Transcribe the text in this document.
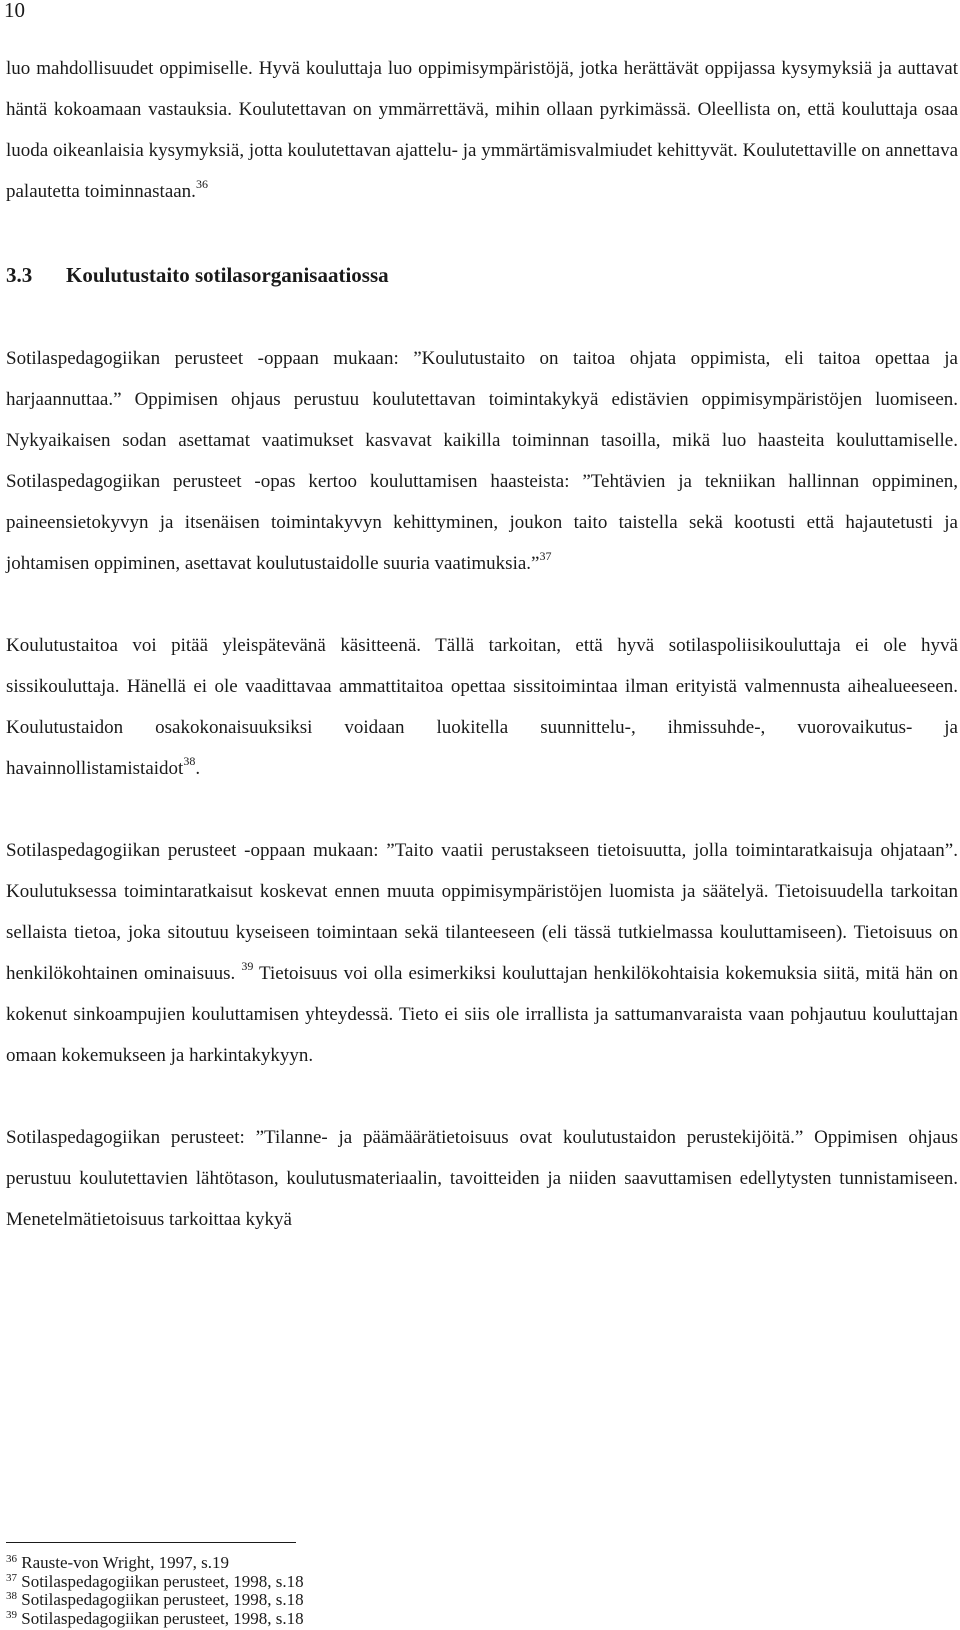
10

luo mahdollisuudet oppimiselle. Hyvä kouluttaja luo oppimisympäristöjä, jotka herättävät oppijassa kysymyksiä ja auttavat häntä kokoamaan vastauksia. Koulutettavan on ymmärrettävä, mihin ollaan pyrkimässä. Oleellista on, että kouluttaja osaa luoda oikeanlaisia kysymyksiä, jotta koulutettavan ajattelu- ja ymmärtämisvalmiudet kehittyvät. Koulutettaville on annettava palautetta toiminnastaan.$^{36}$

3.3 Koulutustaito sotilasorganisaatiossa

Sotilaspedagogiikan perusteet -oppaan mukaan: ”Koulutustaito on taitoa ohjata oppimista, eli taitoa opettaa ja harjaannuttaa.” Oppimisen ohjaus perustuu koulutettavan toimintakykyä edistävien oppimisympäristöjen luomiseen. Nykyaikaisen sodan asettamat vaatimukset kasvavat kaikilla toiminnan tasoilla, mikä luo haasteita kouluttamiselle. Sotilaspedagogiikan perusteet -opas kertoo kouluttamisen haasteista: ”Tehtävien ja tekniikan hallinnan oppiminen, paineensietokyvyn ja itsenäisen toimintakyvyn kehittyminen, joukon taito taistella sekä kootusti että hajautetusti ja johtamisen oppiminen, asettavat koulutustaidolle suuria vaatimuksia.”$^{37}$

Koulutustaitoa voi pitää yleispätevänä käsitteenä. Tällä tarkoitan, että hyvä sotilaspoliisikouluttaja ei ole hyvä sissikouluttaja. Hänellä ei ole vaadittavaa ammattitaitoa opettaa sissitoimintaa ilman erityistä valmennusta aihealueeseen. Koulutustaidon osakokonaisuuksiksi voidaan luokitella suunnittelu-, ihmissuhde-, vuorovaikutus- ja havainnollistamistaidot$^{38}$.

Sotilaspedagogiikan perusteet -oppaan mukaan: ”Taito vaatii perustakseen tietoisuutta, jolla toimintaratkaisuja ohjataan”. Koulutuksessa toimintaratkaisut koskevat ennen muuta oppimisympäristöjen luomista ja säätelyä. Tietoisuudella tarkoitan sellaista tietoa, joka sitoutuu kyseiseen toimintaan sekä tilanteeseen (eli tässä tutkielmassa kouluttamiseen). Tietoisuus on henkilökohtainen ominaisuus. $^{39}$ Tietoisuus voi olla esimerkiksi kouluttajan henkilökohtaisia kokemuksia siitä, mitä hän on kokenut sinkoampujien kouluttamisen yhteydessä. Tieto ei siis ole irrallista ja sattumanvaraista vaan pohjautuu kouluttajan omaan kokemukseen ja harkintakykyyn.

Sotilaspedagogiikan perusteet: ”Tilanne- ja päämäärätietoisuus ovat koulutustaidon perustekijöitä.” Oppimisen ohjaus perustuu koulutettavien lähtötason, koulutusmateriaalin, tavoitteiden ja niiden saavuttamisen edellytysten tunnistamiseen. Menetelmätietoisuus tarkoittaa kykyä

$^{36}$ Rauste-von Wright, 1997, s.19
$^{37}$ Sotilaspedagogiikan perusteet, 1998, s.18
$^{38}$ Sotilaspedagogiikan perusteet, 1998, s.18
$^{39}$ Sotilaspedagogiikan perusteet, 1998, s.18
